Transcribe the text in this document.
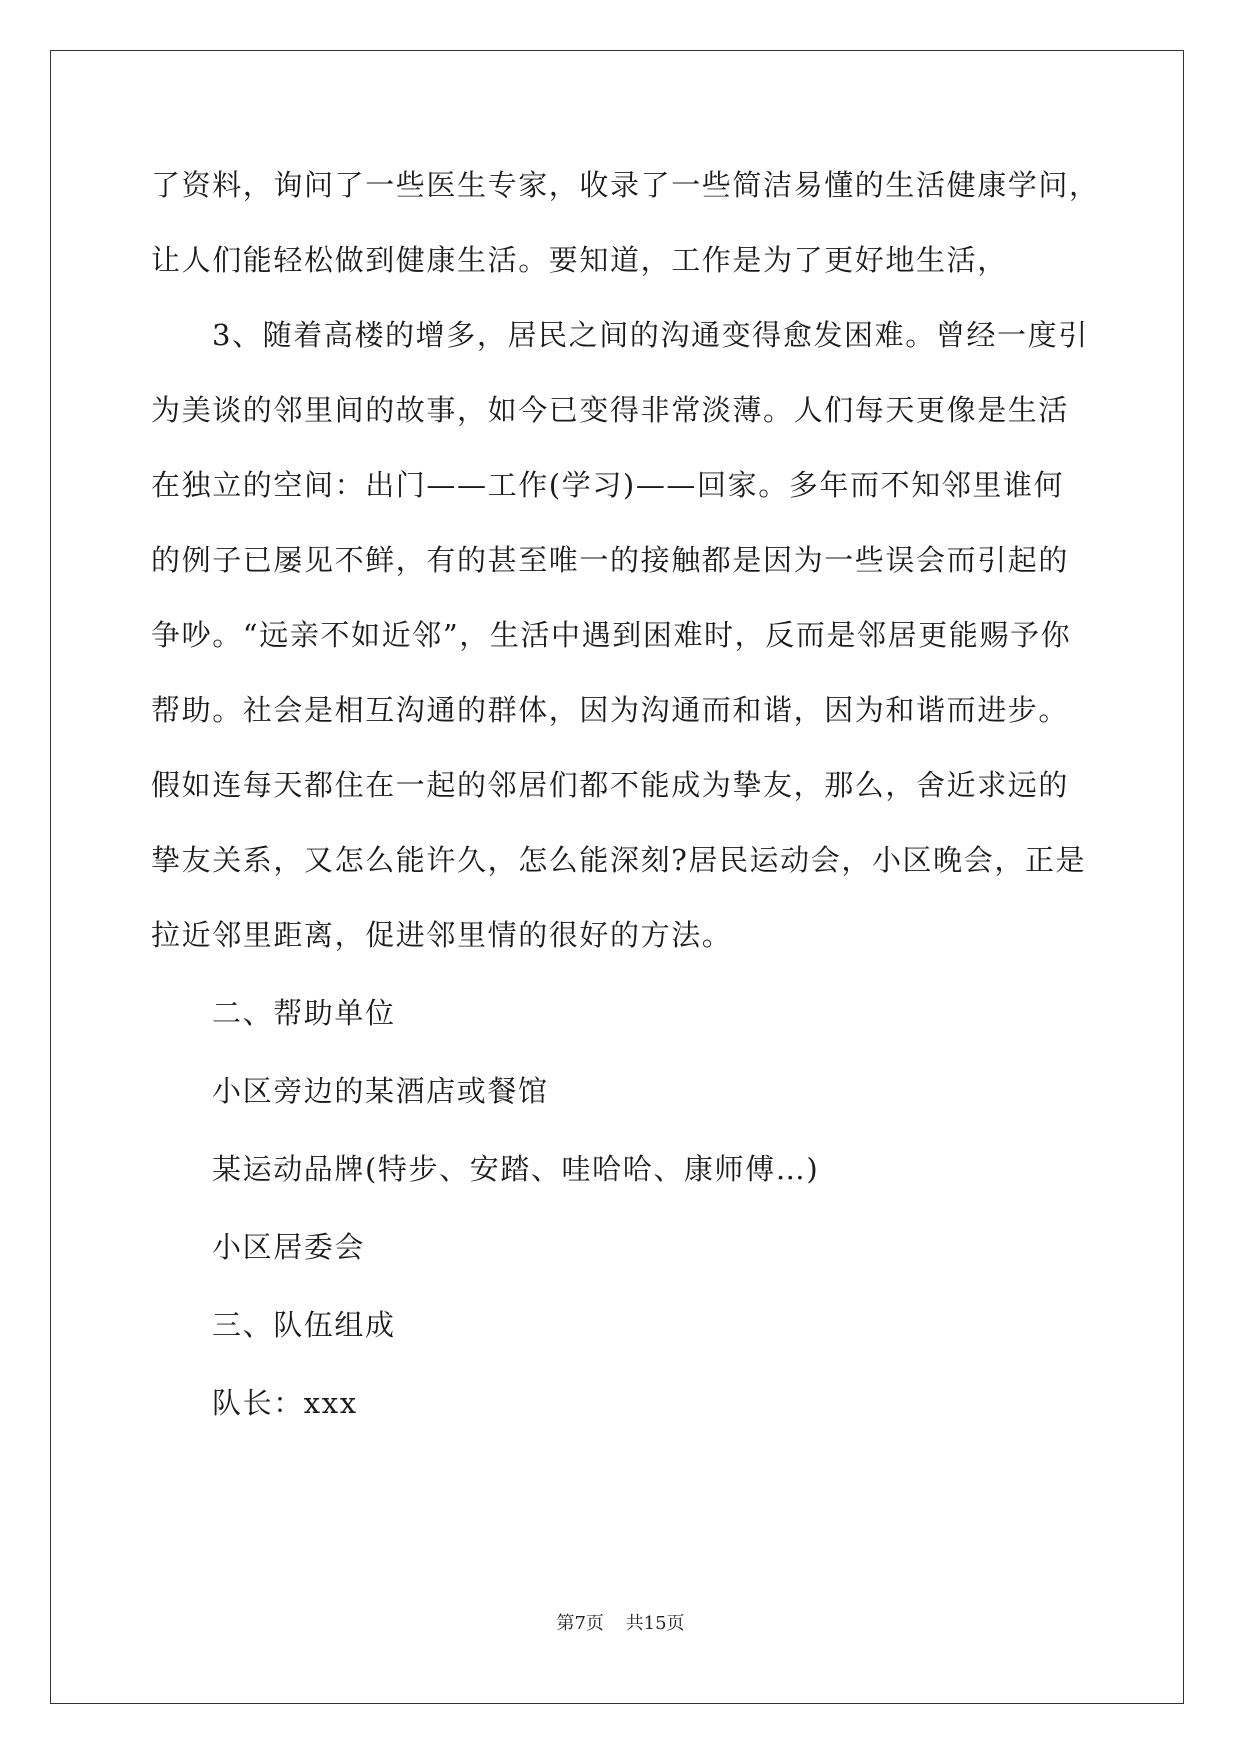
了资料，询问了一些医生专家，收录了一些简洁易懂的生活健康学问，
让人们能轻松做到健康生活。要知道，工作是为了更好地生活，
3、随着高楼的增多，居民之间的沟通变得愈发困难。曾经一度引
为美谈的邻里间的故事，如今已变得非常淡薄。人们每天更像是生活
在独立的空间：出门——工作(学习)——回家。多年而不知邻里谁何
的例子已屡见不鲜，有的甚至唯一的接触都是因为一些误会而引起的
争吵。“远亲不如近邻”，生活中遇到困难时，反而是邻居更能赐予你
帮助。社会是相互沟通的群体，因为沟通而和谐，因为和谐而进步。
假如连每天都住在一起的邻居们都不能成为挚友，那么，舍近求远的
挚友关系，又怎么能许久，怎么能深刻?居民运动会，小区晚会，正是
拉近邻里距离，促进邻里情的很好的方法。
二、帮助单位
小区旁边的某酒店或餐馆
某运动品牌(特步、安踏、哇哈哈、康师傅…)
小区居委会
三、队伍组成
队长：xxx
第7页 共15页
